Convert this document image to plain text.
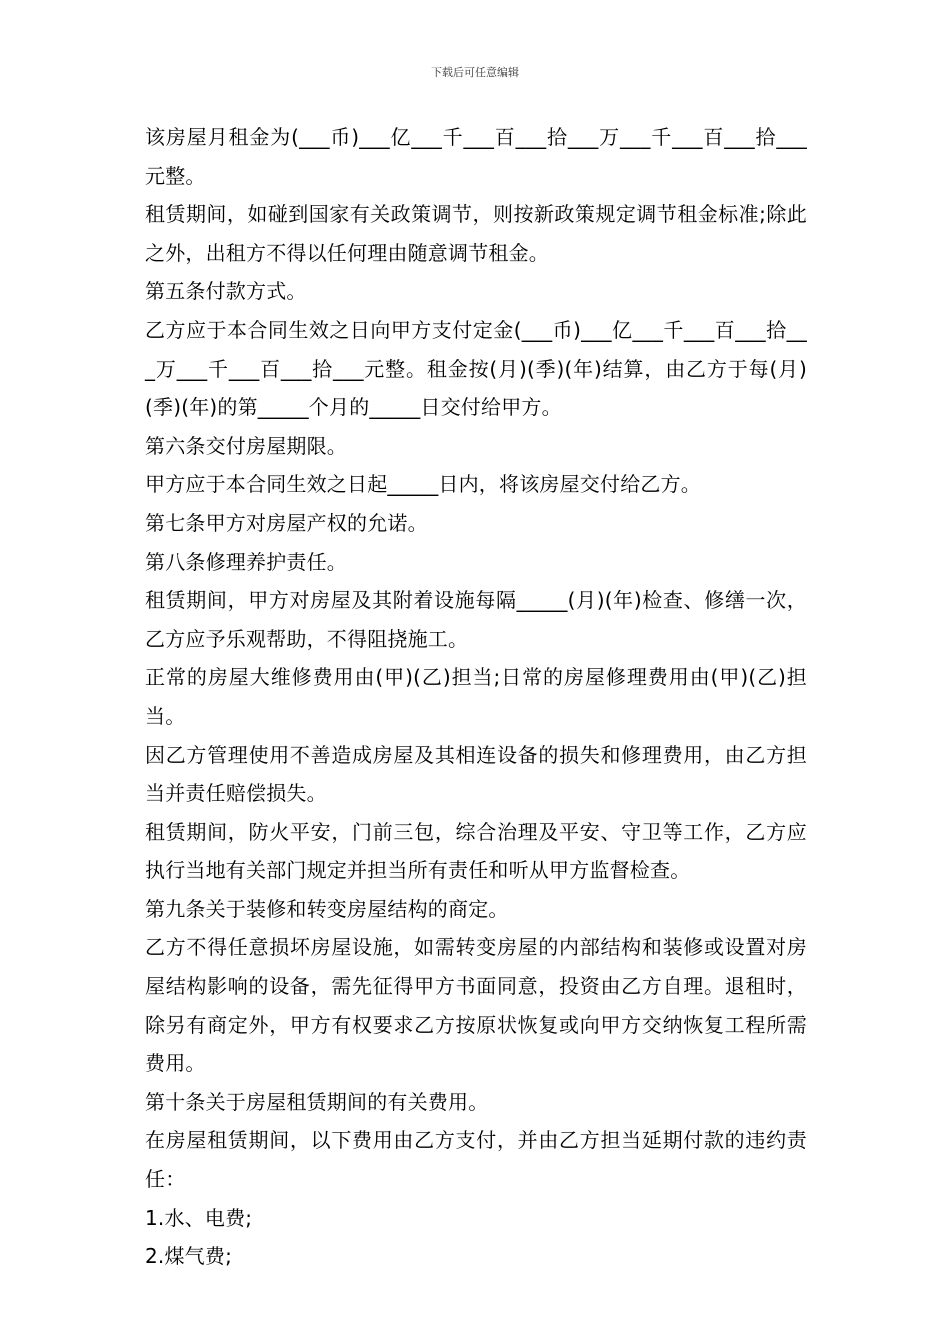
下载后可任意编辑

该房屋月租金为(___币)___亿___千___百___拾___万___千___百___拾___元整。

租赁期间，如碰到国家有关政策调节，则按新政策规定调节租金标准;除此之外，出租方不得以任何理由随意调节租金。

第五条付款方式。

乙方应于本合同生效之日向甲方支付定金(___币)___亿___千___百___拾___万___千___百___拾___元整。租金按(月)(季)(年)结算，由乙方于每(月)(季)(年)的第_____个月的_____日交付给甲方。

第六条交付房屋期限。

甲方应于本合同生效之日起_____日内，将该房屋交付给乙方。

第七条甲方对房屋产权的允诺。

第八条修理养护责任。

租赁期间，甲方对房屋及其附着设施每隔_____(月)(年)检查、修缮一次，乙方应予乐观帮助，不得阻挠施工。

正常的房屋大维修费用由(甲)(乙)担当;日常的房屋修理费用由(甲)(乙)担当。

因乙方管理使用不善造成房屋及其相连设备的损失和修理费用，由乙方担当并责任赔偿损失。

租赁期间，防火平安，门前三包，综合治理及平安、守卫等工作，乙方应执行当地有关部门规定并担当所有责任和听从甲方监督检查。

第九条关于装修和转变房屋结构的商定。

乙方不得任意损坏房屋设施，如需转变房屋的内部结构和装修或设置对房屋结构影响的设备，需先征得甲方书面同意，投资由乙方自理。退租时，除另有商定外，甲方有权要求乙方按原状恢复或向甲方交纳恢复工程所需费用。

第十条关于房屋租赁期间的有关费用。

在房屋租赁期间，以下费用由乙方支付，并由乙方担当延期付款的违约责任：

1.水、电费;

2.煤气费;
